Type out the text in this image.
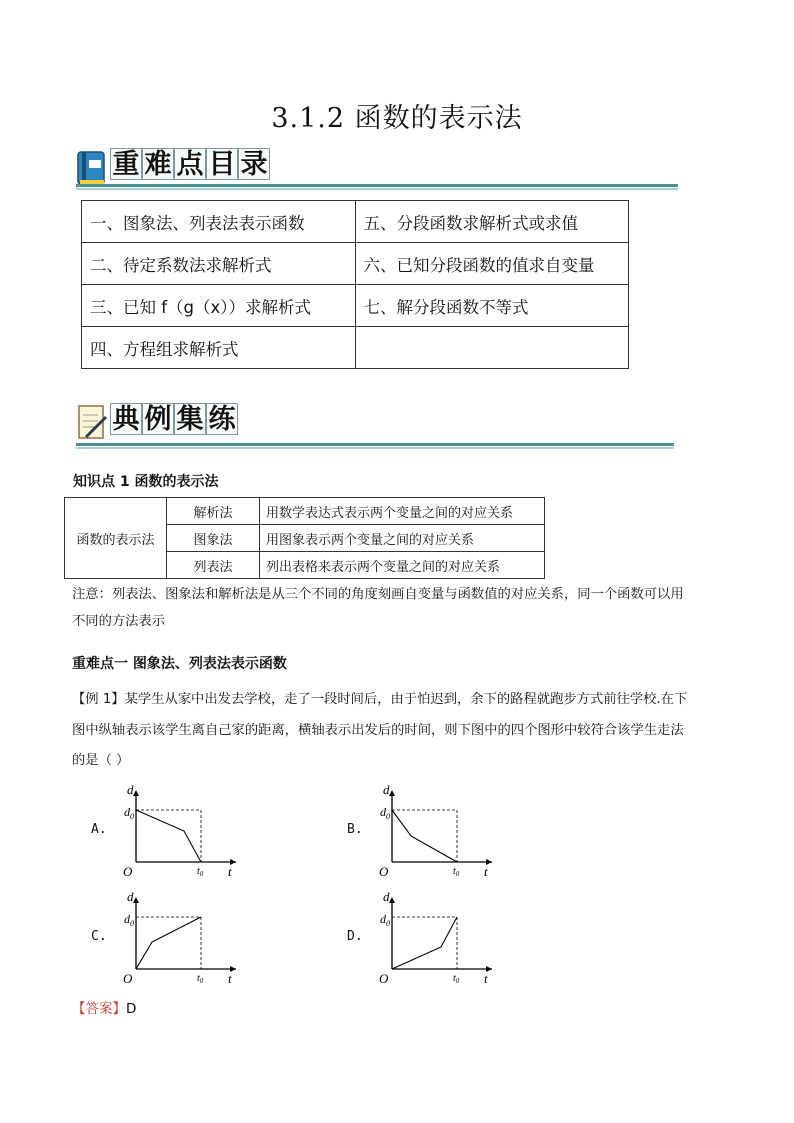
3.1.2 函数的表示法
重 难 点 目 录
一、图象法、列表法表示函数	五、分段函数求解析式或求值
二、待定系数法求解析式	六、已知分段函数的值求自变量
三、已知 f（g（x））求解析式	七、解分段函数不等式
四、方程组求解析式	
典 例 集 练
知识点 1 函数的表示法
函数的表示法	解析法	用数学表达式表示两个变量之间的对应关系
	图象法	用图象表示两个变量之间的对应关系
	列表法	列出表格来表示两个变量之间的对应关系
注意：列表法、图象法和解析法是从三个不同的角度刻画自变量与函数值的对应关系，同一个函数可以用
不同的方法表示
重难点一 图象法、列表法表示函数
【例 1】某学生从家中出发去学校，走了一段时间后，由于怕迟到，余下的路程就跑步方式前往学校.在下
图中纵轴表示该学生离自己家的距离，横轴表示出发后的时间，则下图中的四个图形中较符合该学生走法
的是（ ）
A.	B.
C.	D.
d
$d_0$
O	$t_0$ t
d
$d_0$
O	$t_0$ t
d
$d_0$
O	$t_0$ t
d
$d_0$
O	$t_0$ t
【答案】D
